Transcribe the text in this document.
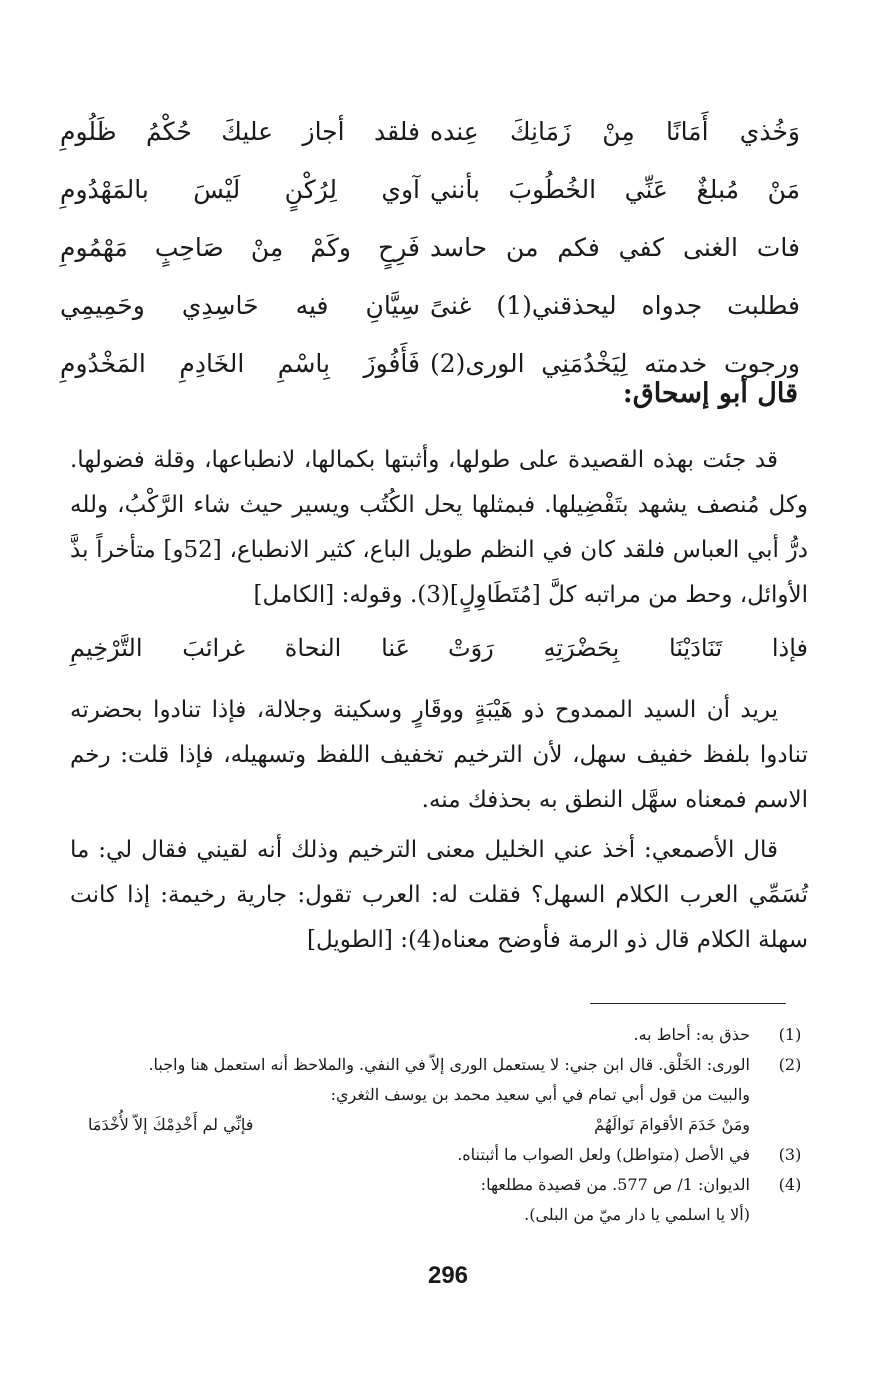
وَخُذي أَمَانًا مِنْ زَمَانِكَ عِنده
فلقد أجاز عليكَ حُكْمُ ظَلُومِ
مَنْ مُبلغٌ عَنِّي الخُطُوبَ بأنني
آوي لِرُكْنٍ لَيْسَ بالمَهْدُومِ
فات الغنى كفي فكم من حاسد
فَرِحٍ وكَمْ مِنْ صَاحِبٍ مَهْمُومِ
فطلبت جدواه ليحذقني(1) غنىً
سِيَّانِ فيه حَاسِدِي وحَمِيمِي
ورجوت خدمته لِيَخْدُمَنِي الورى(2)
فَأَفُوزَ بِاسْمِ الخَادِمِ المَخْدُومِ
قال أبو إسحاق:
قد جئت بهذه القصيدة على طولها، وأثبتها بكمالها، لانطباعها، وقلة فضولها. وكل مُنصف يشهد بتَفْضِيلها. فبمثلها يحل الكُتُب ويسير حيث شاء الرَّكْبُ، ولله درُّ أبي العباس فلقد كان في النظم طويل الباع، كثير الانطباع، [52و] متأخراً بذَّ الأوائل، وحط من مراتبه كلَّ [مُتَطَاوِلٍ](3). وقوله: [الكامل]
فإذا تَنَادَيْنَا بِحَضْرَتِهِ رَوَتْ
عَنا النحاة غرائبَ التَّرْخِيمِ
يريد أن السيد الممدوح ذو هَيْبَةٍ ووقَارٍ وسكينة وجلالة، فإذا تنادوا بحضرته تنادوا بلفظ خفيف سهل، لأن الترخيم تخفيف اللفظ وتسهيله، فإذا قلت: رخم الاسم فمعناه سهَّل النطق به بحذفك منه.
قال الأصمعي: أخذ عني الخليل معنى الترخيم وذلك أنه لقيني فقال لي: ما تُسَمِّي العرب الكلام السهل؟ فقلت له: العرب تقول: جارية رخيمة: إذا كانت سهلة الكلام قال ذو الرمة فأوضح معناه(4): [الطويل]
(1)
حذق به: أحاط به.
(2)
الورى: الخَلْق. قال ابن جني: لا يستعمل الورى إلاّ في النفي. والملاحظ أنه استعمل هنا واجبا.
والبيت من قول أبي تمام في أبي سعيد محمد بن يوسف الثغري:
ومَنْ خَدَمَ الأقوامَ نَوالَهُمْ
فإنِّي لم أَخْدِمْكَ إلاّ لأُخْدَمَا
(3)
في الأصل (متواطل) ولعل الصواب ما أثبتناه.
(4)
الديوان: 1/ ص 577. من قصيدة مطلعها:
(ألا يا اسلمي يا دار ميّ من البلى).
296
